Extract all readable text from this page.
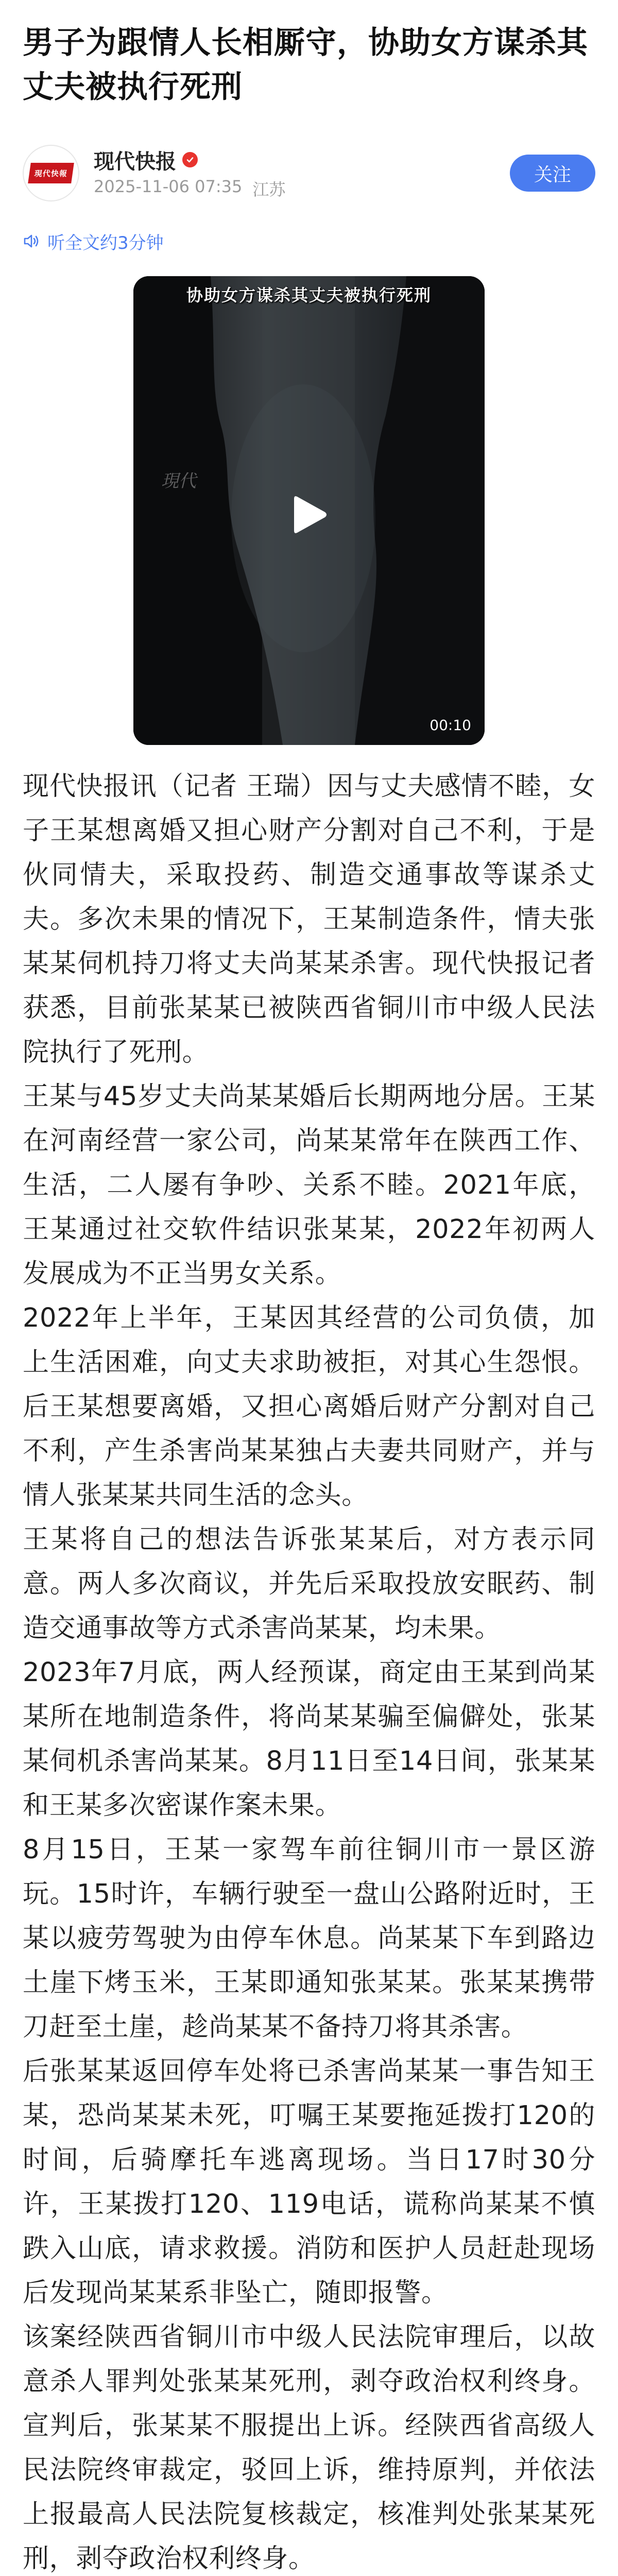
男子为跟情人长相厮守，协助女方谋杀其丈夫被执行死刑
現代快報 现代快报
2025-11-06 07:35 江苏
关注
听全文约3分钟
协助女方谋杀其丈夫被执行死刑
現代
00:10

现代快报讯（记者 王瑞）因与丈夫感情不睦，女子王某想离婚又担心财产分割对自己不利，于是伙同情夫，采取投药、制造交通事故等谋杀丈夫。多次未果的情况下，王某制造条件，情夫张某某伺机持刀将丈夫尚某某杀害。现代快报记者获悉，目前张某某已被陕西省铜川市中级人民法院执行了死刑。

王某与45岁丈夫尚某某婚后长期两地分居。王某在河南经营一家公司，尚某某常年在陕西工作、生活，二人屡有争吵、关系不睦。2021年底，王某通过社交软件结识张某某，2022年初两人发展成为不正当男女关系。

2022年上半年，王某因其经营的公司负债，加上生活困难，向丈夫求助被拒，对其心生怨恨。后王某想要离婚，又担心离婚后财产分割对自己不利，产生杀害尚某某独占夫妻共同财产，并与情人张某某共同生活的念头。

王某将自己的想法告诉张某某后，对方表示同意。两人多次商议，并先后采取投放安眠药、制造交通事故等方式杀害尚某某，均未果。

2023年7月底，两人经预谋，商定由王某到尚某某所在地制造条件，将尚某某骗至偏僻处，张某某伺机杀害尚某某。8月11日至14日间，张某某和王某多次密谋作案未果。

8月15日，王某一家驾车前往铜川市一景区游玩。15时许，车辆行驶至一盘山公路附近时，王某以疲劳驾驶为由停车休息。尚某某下车到路边土崖下烤玉米，王某即通知张某某。张某某携带刀赶至土崖，趁尚某某不备持刀将其杀害。

后张某某返回停车处将已杀害尚某某一事告知王某，恐尚某某未死，叮嘱王某要拖延拨打120的时间，后骑摩托车逃离现场。当日17时30分许，王某拨打120、119电话，谎称尚某某不慎跌入山底，请求救援。消防和医护人员赶赴现场后发现尚某某系非坠亡，随即报警。

该案经陕西省铜川市中级人民法院审理后，以故意杀人罪判处张某某死刑，剥夺政治权利终身。宣判后，张某某不服提出上诉。经陕西省高级人民法院终审裁定，驳回上诉，维持原判，并依法上报最高人民法院复核裁定，核准判处张某某死刑，剥夺政治权利终身。
